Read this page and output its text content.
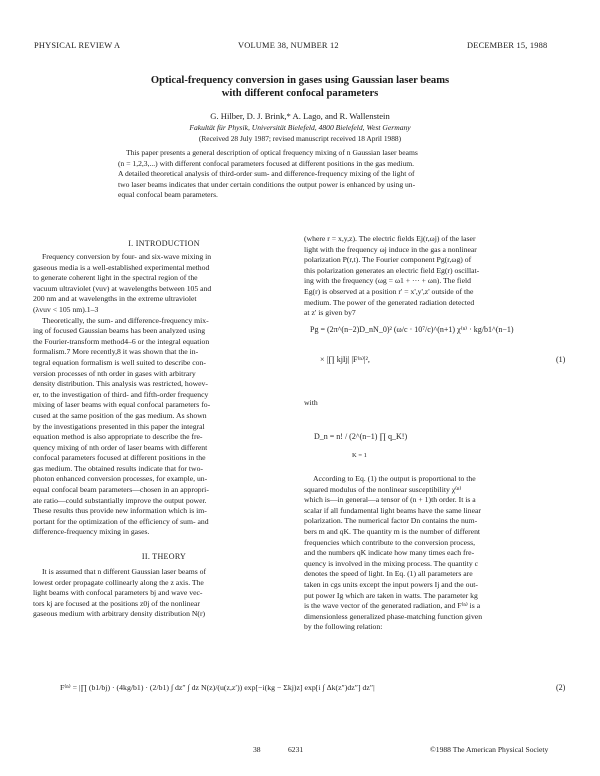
PHYSICAL REVIEW A	VOLUME 38, NUMBER 12	DECEMBER 15, 1988
Optical-frequency conversion in gases using Gaussian laser beams
with different confocal parameters
G. Hilber, D. J. Brink,* A. Lago, and R. Wallenstein
Fakultät für Physik, Universität Bielefeld, 4800 Bielefeld, West Germany
(Received 28 July 1987; revised manuscript received 18 April 1988)
This paper presents a general description of optical frequency mixing of n Gaussian laser beams
(n = 1,2,3,...) with different confocal parameters focused at different positions in the gas medium.
A detailed theoretical analysis of third-order sum- and difference-frequency mixing of the light of
two laser beams indicates that under certain conditions the output power is enhanced by using un-
equal confocal beam parameters.
I. INTRODUCTION
Frequency conversion by four- and six-wave mixing in
gaseous media is a well-established experimental method
to generate coherent light in the spectral region of the
vacuum ultraviolet (vuv) at wavelengths between 105 and
200 nm and at wavelengths in the extreme ultraviolet
(λvuv < 105 nm).1–3
Theoretically, the sum- and difference-frequency mix-
ing of focused Gaussian beams has been analyzed using
the Fourier-transform method4–6 or the integral equation
formalism.7 More recently,8 it was shown that the in-
tegral equation formalism is well suited to describe con-
version processes of nth order in gases with arbitrary
density distribution. This analysis was restricted, howev-
er, to the investigation of third- and fifth-order frequency
mixing of laser beams with equal confocal parameters fo-
cused at the same position of the gas medium. As shown
by the investigations presented in this paper the integral
equation method is also appropriate to describe the fre-
quency mixing of nth order of laser beams with different
confocal parameters focused at different positions in the
gas medium. The obtained results indicate that for two-
photon enhanced conversion processes, for example, un-
equal confocal beam parameters—chosen in an appropri-
ate ratio—could substantially improve the output power.
These results thus provide new information which is im-
portant for the optimization of the efficiency of sum- and
difference-frequency mixing in gases.
II. THEORY
It is assumed that n different Gaussian laser beams of
lowest order propagate collinearly along the z axis. The
light beams with confocal parameters bj and wave vec-
tors kj are focused at the positions z0j of the nonlinear
gaseous medium with arbitrary density distribution N(r)
(where r = x,y,z). The electric fields Ej(r,ωj) of the laser
light with the frequency ωj induce in the gas a nonlinear
polarization P(r,t). The Fourier component Pg(r,ωg) of
this polarization generates an electric field Eg(r) oscillat-
ing with the frequency (ωg = ω1 + ··· + ωn). The field
Eg(r) is observed at a position r' = x',y',z' outside of the
medium. The power of the generated radiation detected
at z' is given by7
Pg = (2π^(n−2)D_nN_0)² (ω/c · 10⁷/c)^(n+1) χ⁽ⁿ⁾ · kg/b1^(n−1)
× |∏ kjIj| |F⁽ⁿ⁾|²,	(1)
with
D_n = n! / (2^(n−1) ∏ q_K!)
K = 1
According to Eq. (1) the output is proportional to the
squared modulus of the nonlinear susceptibility χ⁽ⁿ⁾
which is—in general—a tensor of (n + 1)th order. It is a
scalar if all fundamental light beams have the same linear
polarization. The numerical factor Dn contains the num-
bers m and qK. The quantity m is the number of different
frequencies which contribute to the conversion process,
and the numbers qK indicate how many times each fre-
quency is involved in the mixing process. The quantity c
denotes the speed of light. In Eq. (1) all parameters are
taken in cgs units except the input powers Ij and the out-
put power Ig which are taken in watts. The parameter kg
is the wave vector of the generated radiation, and F⁽ⁿ⁾ is a
dimensionless generalized phase-matching function given
by the following relation:
F⁽ⁿ⁾ = |∏ (b1/bj) · (4kg/b1) · (2/b1) ∫ dz″ ∫ dz N(z)/(u(z,z′)) exp[−i(kg − Σkj)z] exp[i ∫ Δk(z″)dz″] dz″|	(2)
38	6231	©1988 The American Physical Society
